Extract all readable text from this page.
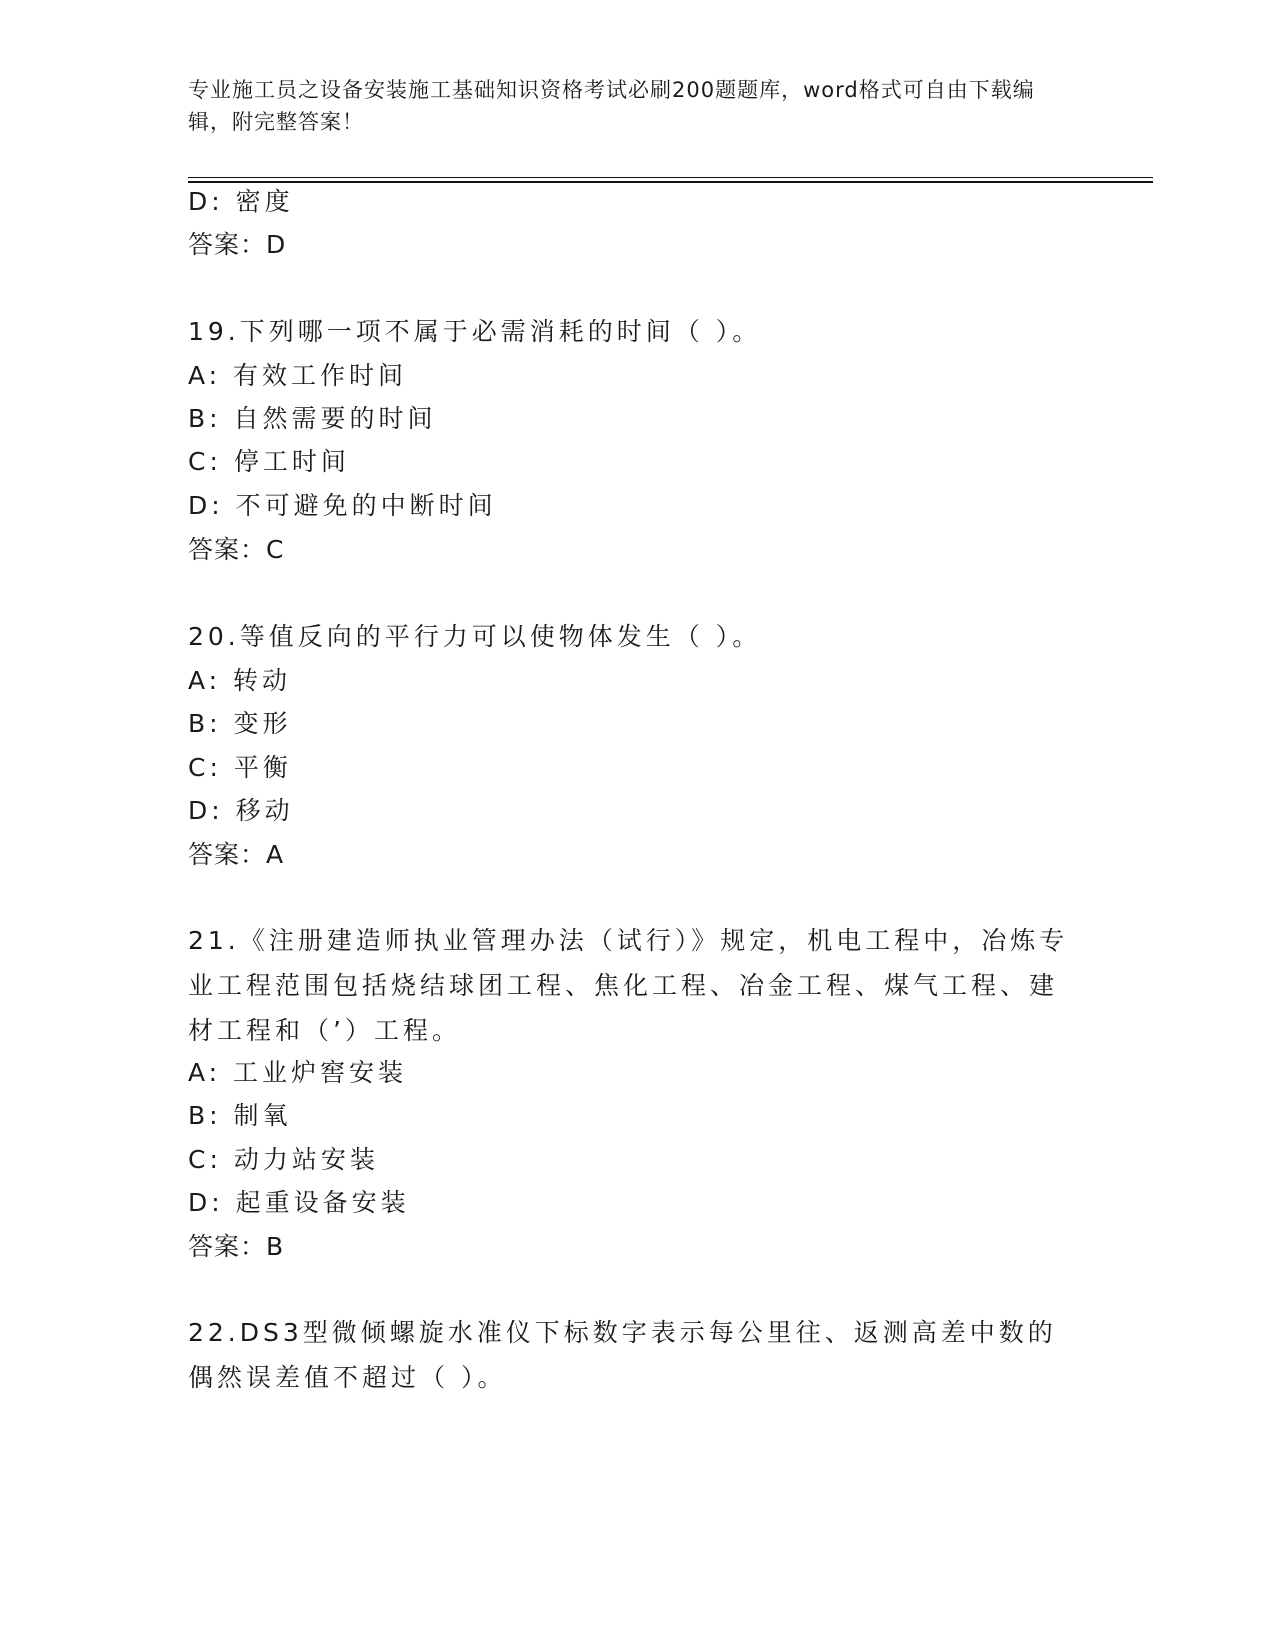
专业施工员之设备安装施工基础知识资格考试必刷200题题库，word格式可自由下载编辑，附完整答案！
D: 密度
答案：D
19.下列哪一项不属于必需消耗的时间（ ）。
A: 有效工作时间
B: 自然需要的时间
C: 停工时间
D: 不可避免的中断时间
答案：C
20.等值反向的平行力可以使物体发生（ ）。
A: 转动
B: 变形
C: 平衡
D: 移动
答案：A
21.《注册建造师执业管理办法（试行）》规定，机电工程中，冶炼专业工程范围包括烧结球团工程、焦化工程、冶金工程、煤气工程、建材工程和（’）工程。
A: 工业炉窖安装
B: 制氧
C: 动力站安装
D: 起重设备安装
答案：B
22.DS3型微倾螺旋水准仪下标数字表示每公里往、返测高差中数的偶然误差值不超过（ ）。
